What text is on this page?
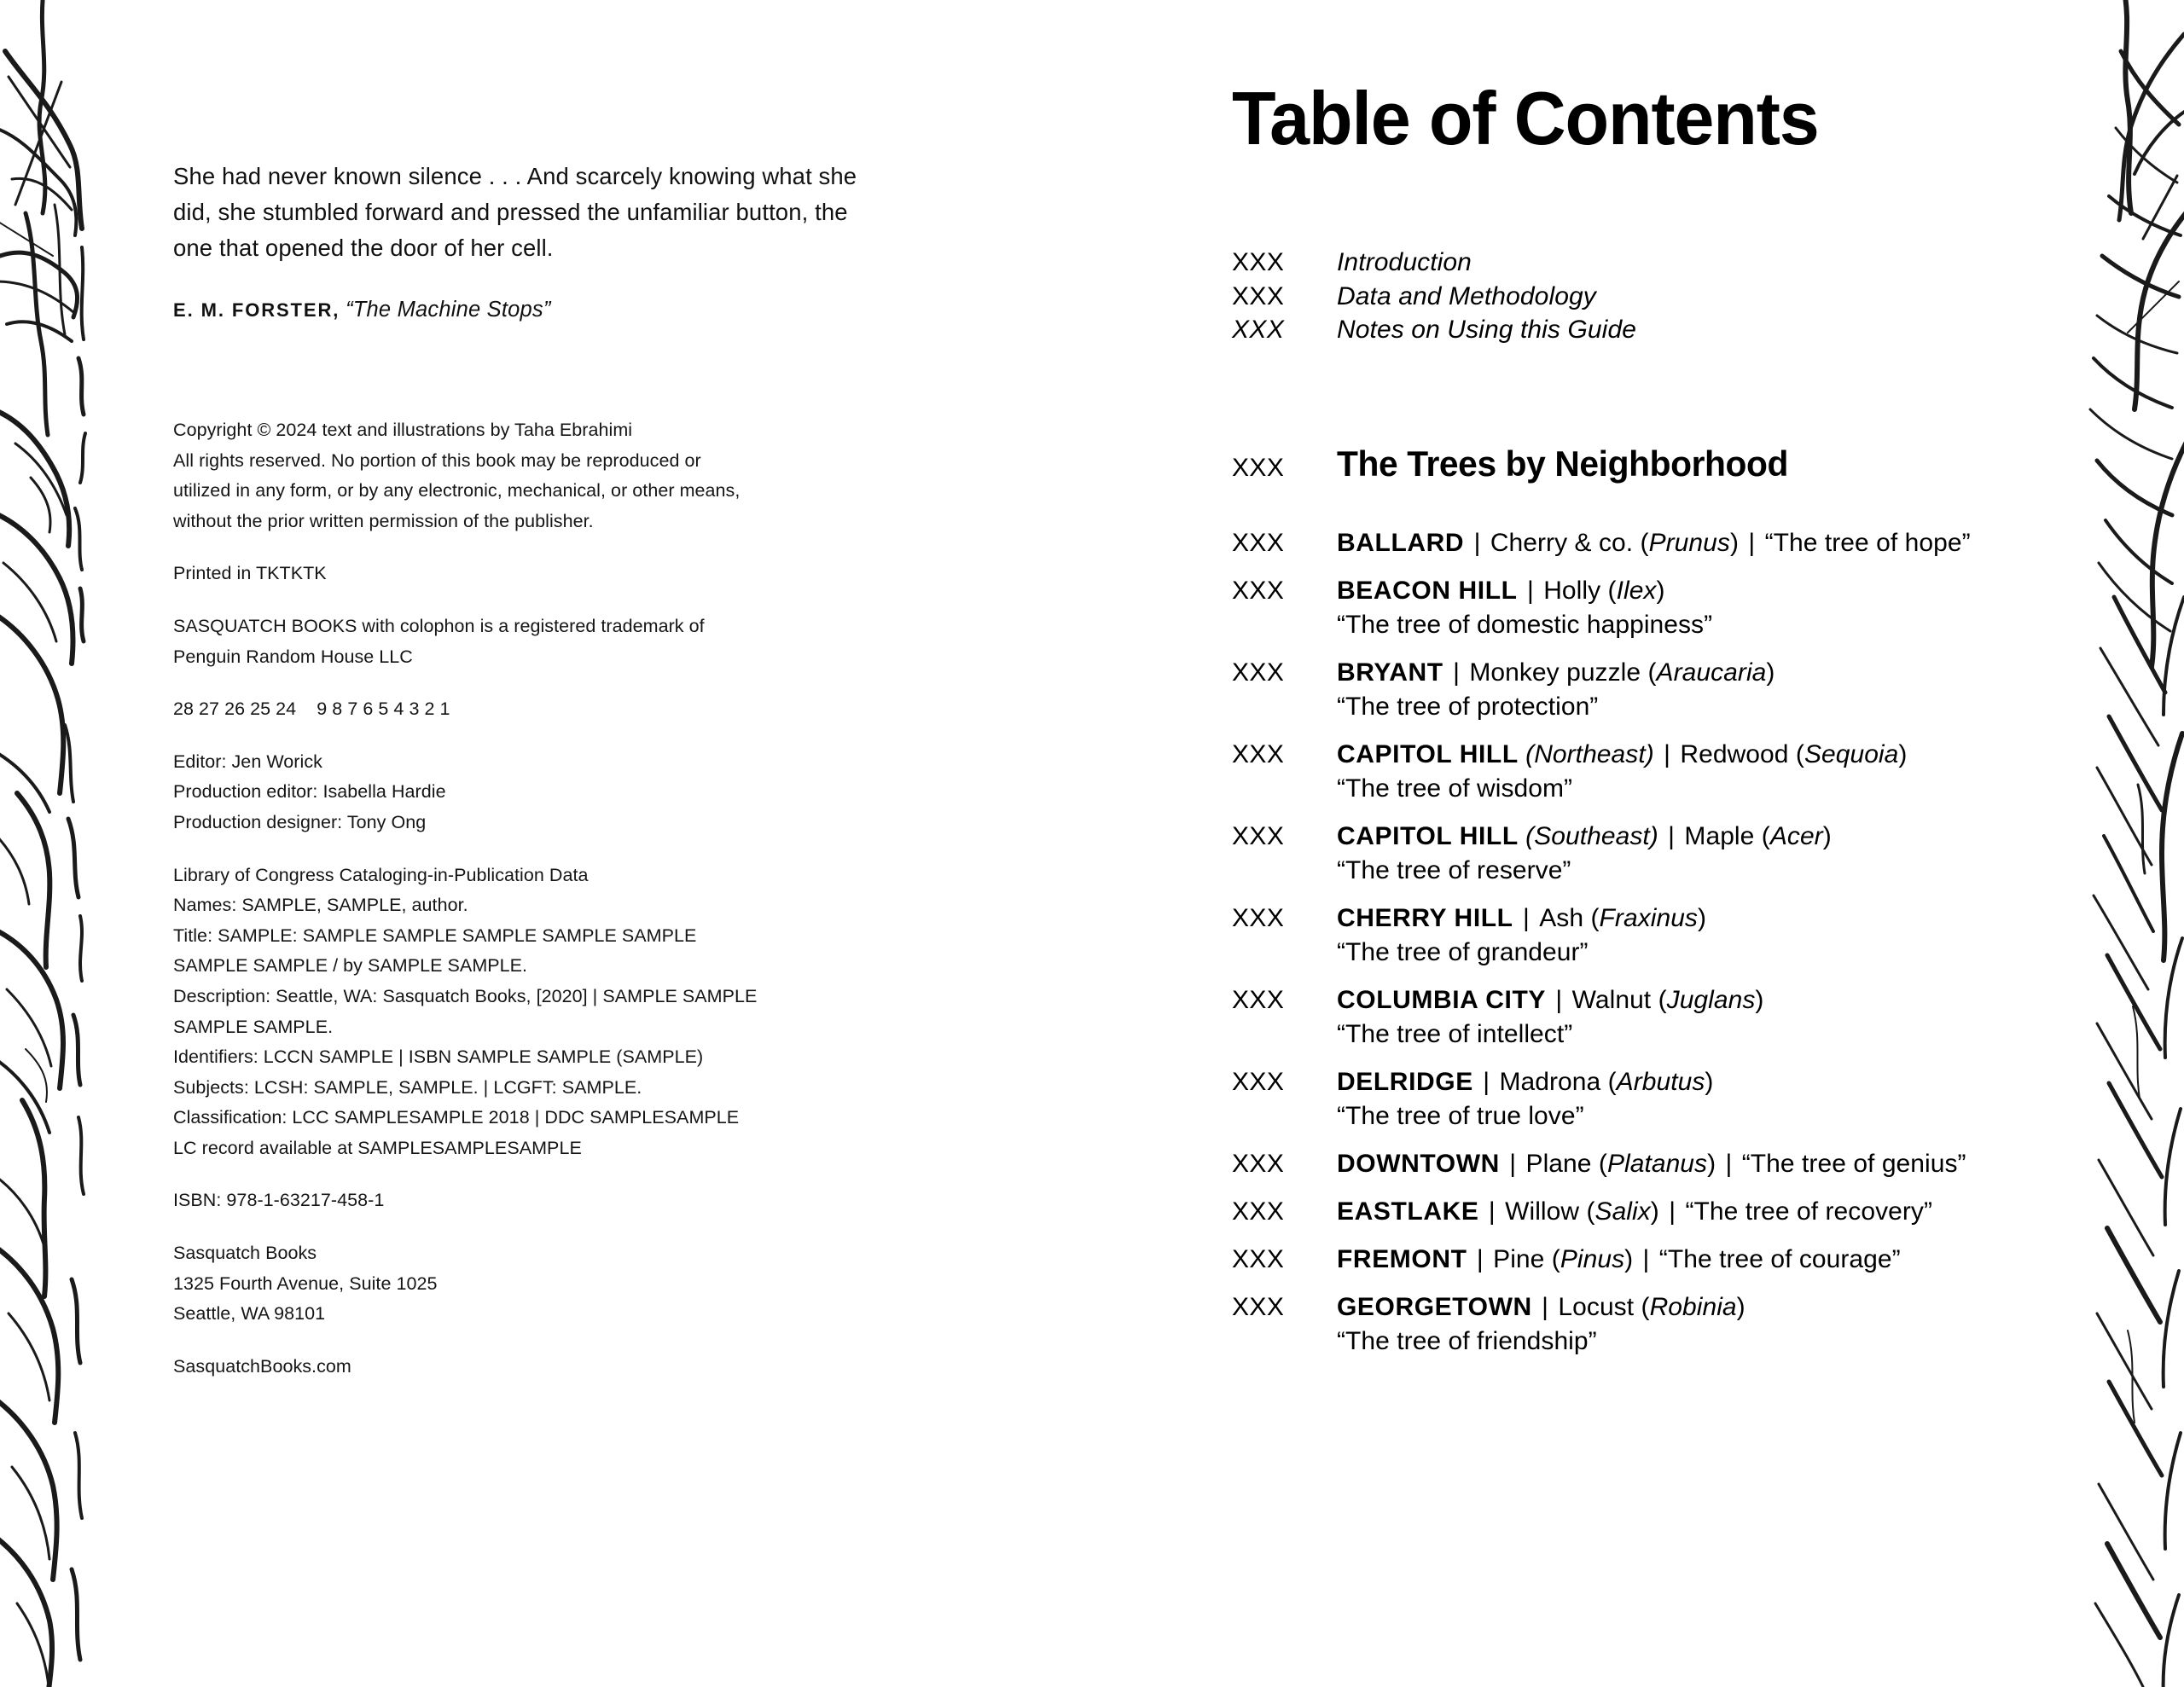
She had never known silence . . . And scarcely knowing what she did, she stumbled forward and pressed the unfamiliar button, the one that opened the door of her cell.

E. M. FORSTER, “The Machine Stops”

Copyright © 2024 text and illustrations by Taha Ebrahimi
All rights reserved. No portion of this book may be reproduced or
utilized in any form, or by any electronic, mechanical, or other means,
without the prior written permission of the publisher.
Printed in TKTKTK
SASQUATCH BOOKS with colophon is a registered trademark of
Penguin Random House LLC
28 27 26 25 24    9 8 7 6 5 4 3 2 1
Editor: Jen Worick
Production editor: Isabella Hardie
Production designer: Tony Ong
Library of Congress Cataloging-in-Publication Data
Names: SAMPLE, SAMPLE, author.
Title: SAMPLE: SAMPLE SAMPLE SAMPLE SAMPLE SAMPLE
SAMPLE SAMPLE / by SAMPLE SAMPLE.
Description: Seattle, WA: Sasquatch Books, [2020] | SAMPLE SAMPLE
SAMPLE SAMPLE.
Identifiers: LCCN SAMPLE | ISBN SAMPLE SAMPLE (SAMPLE)
Subjects: LCSH: SAMPLE, SAMPLE. | LCGFT: SAMPLE.
Classification: LCC SAMPLESAMPLE 2018 | DDC SAMPLESAMPLE
LC record available at SAMPLESAMPLESAMPLE
ISBN: 978-1-63217-458-1
Sasquatch Books
1325 Fourth Avenue, Suite 1025
Seattle, WA 98101
SasquatchBooks.com
Table of Contents
XXX	Introduction
XXX	Data and Methodology
XXX	Notes on Using this Guide
XXX	The Trees by Neighborhood
XXX	BALLARD | Cherry & co. (Prunus) | “The tree of hope”
XXX	BEACON HILL | Holly (Ilex)
“The tree of domestic happiness”
XXX	BRYANT | Monkey puzzle (Araucaria)
“The tree of protection”
XXX	CAPITOL HILL (Northeast) | Redwood (Sequoia)
“The tree of wisdom”
XXX	CAPITOL HILL (Southeast) | Maple (Acer)
“The tree of reserve”
XXX	CHERRY HILL | Ash (Fraxinus)
“The tree of grandeur”
XXX	COLUMBIA CITY | Walnut (Juglans)
“The tree of intellect”
XXX	DELRIDGE | Madrona (Arbutus)
“The tree of true love”
XXX	DOWNTOWN | Plane (Platanus) | “The tree of genius”
XXX	EASTLAKE | Willow (Salix) | “The tree of recovery”
XXX	FREMONT | Pine (Pinus) | “The tree of courage”
XXX	GEORGETOWN | Locust (Robinia)
“The tree of friendship”
